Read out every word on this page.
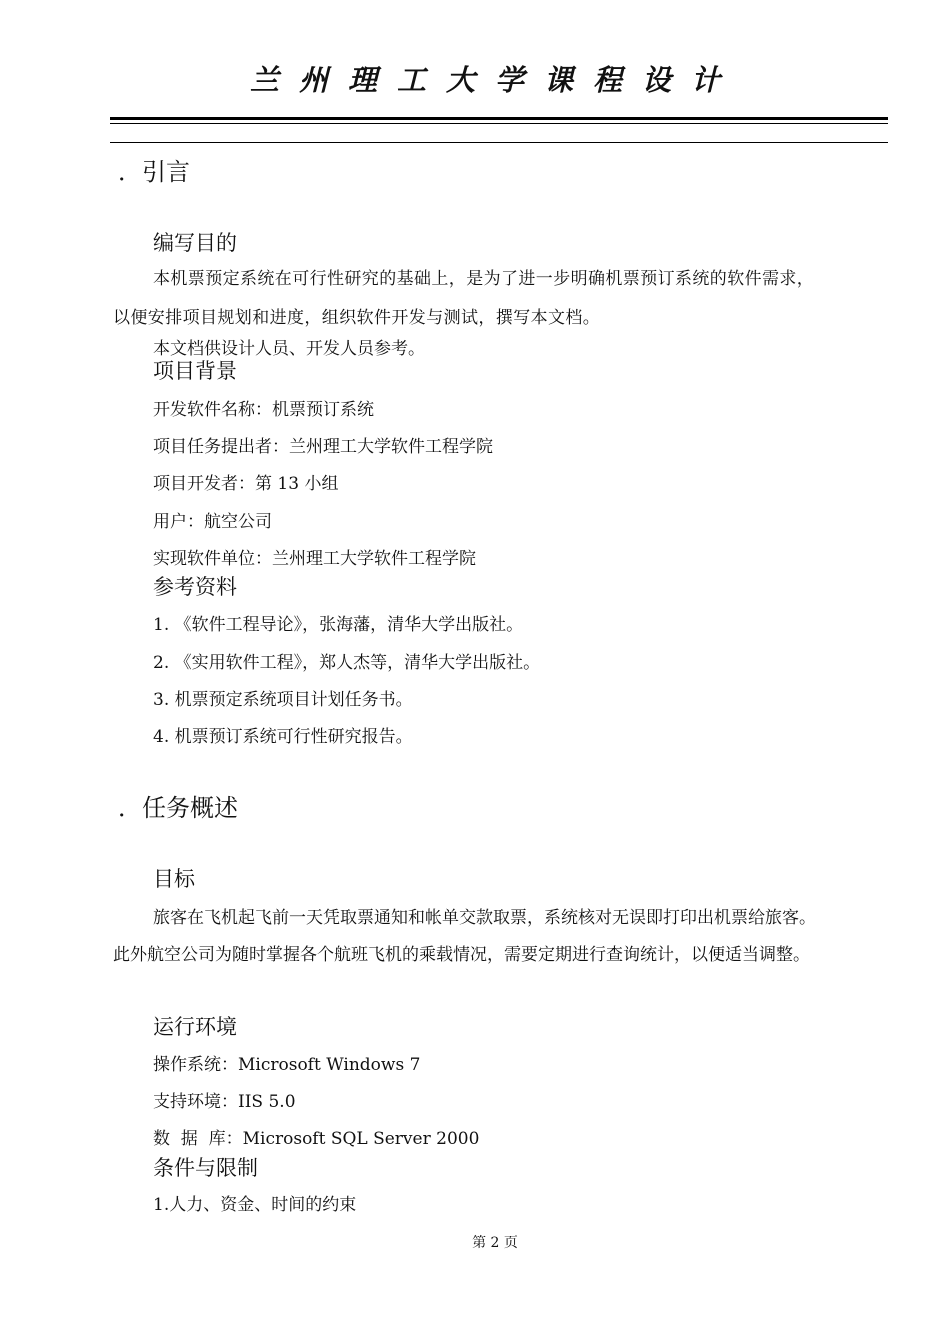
兰州理工大学课程设计
．引言
编写目的
本机票预定系统在可行性研究的基础上，是为了进一步明确机票预订系统的软件需求，
以便安排项目规划和进度，组织软件开发与测试，撰写本文档。
本文档供设计人员、开发人员参考。
项目背景
开发软件名称：机票预订系统
项目任务提出者：兰州理工大学软件工程学院
项目开发者：第 13 小组
用户：航空公司
实现软件单位：兰州理工大学软件工程学院
参考资料
1. 《软件工程导论》，张海藩，清华大学出版社。
2. 《实用软件工程》，郑人杰等，清华大学出版社。
3. 机票预定系统项目计划任务书。
4. 机票预订系统可行性研究报告。
．任务概述
目标
旅客在飞机起飞前一天凭取票通知和帐单交款取票，系统核对无误即打印出机票给旅客。
此外航空公司为随时掌握各个航班飞机的乘载情况，需要定期进行查询统计，以便适当调整。
运行环境
操作系统：Microsoft Windows 7
支持环境：IIS 5.0
数  据  库：Microsoft SQL Server 2000
条件与限制
1.人力、资金、时间的约束
第 2 页
